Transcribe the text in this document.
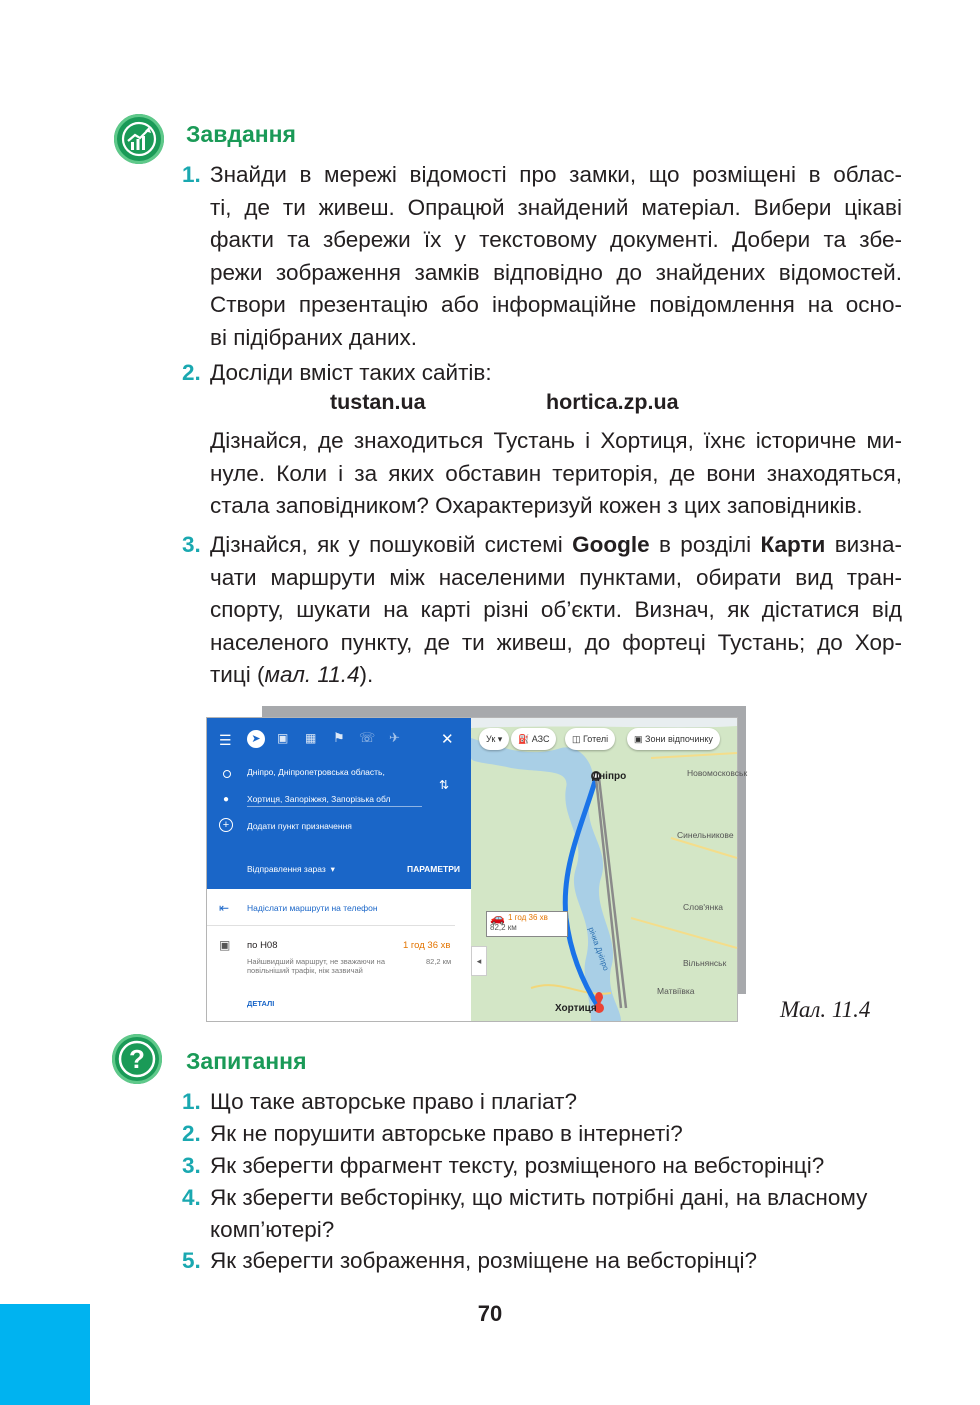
Завдання
1. Знайди в мережі відомості про замки, що розміщені в облас-
ті, де ти живеш. Опрацюй знайдений матеріал. Вибери цікаві
факти та збережи їх у текстовому документі. Добери та збе-
режи зображення замків відповідно до знайдених відомостей.
Створи презентацію або інформаційне повідомлення на осно-
ві підібраних даних.
2. Досліди вміст таких сайтів:
tustan.ua	hortica.zp.ua
Дізнайся, де знаходиться Тустань і Хортиця, їхнє історичне ми-
нуле. Коли і за яких обставин територія, де вони знаходяться,
стала заповідником? Охарактеризуй кожен з цих заповідників.
3. Дізнайся, як у пошуковій системі Google в розділі Карти визна-
чати маршрути між населеними пунктами, обирати вид тран-
спорту, шукати на карті різні об’єкти. Визнач, як дістатися від
населеного пункту, де ти живеш, до фортеці Тустань; до Хор-
тиці (мал. 11.4).
Дніпро
Хортиця
Новомосковськ
Синельникове
Слов'янка
Вільнянськ
Матвіївка
річка Дніпро
🚗 1 год 36 хв
82,2 км
Ук ▾	⛽ АЗС	◫ Готелі	▣ Зони відпочинку
☰	➤	▣ ▦ ⚑ ☏ ✈	✕
Дніпро, Дніпропетровська область,
● Хортиця, Запоріжжя, Запорізька обл
⇅
+	Додати пункт призначення
Відправлення зараз  ▾	ПАРАМЕТРИ
⇤ Надіслати маршрути на телефон
▣ по Н08	1 год 36 хв
Найшвидший маршрут, не зважаючи на повільніший трафік, ніж зазвичай
82,2 км
ДЕТАЛІ
◂
Мал. 11.4
? Запитання
1. Що таке авторське право і плагіат?
2. Як не порушити авторське право в інтернеті?
3. Як зберегти фрагмент тексту, розміщеного на вебсторінці?
4. Як зберегти вебсторінку, що містить потрібні дані, на власному
комп’ютері?
5. Як зберегти зображення, розміщене на вебсторінці?
70
